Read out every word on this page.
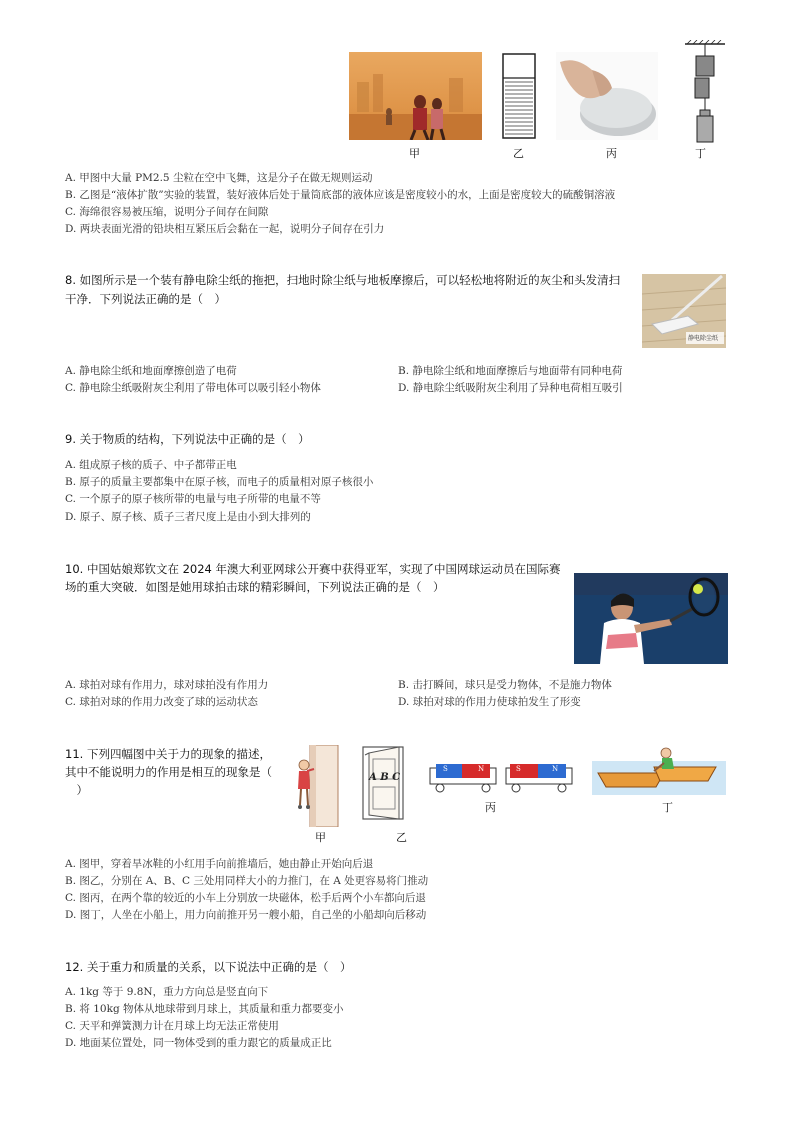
甲	乙	丙	丁
A. 甲图中大量 PM2.5 尘粒在空中飞舞，这是分子在做无规则运动
B. 乙图是“液体扩散”实验的装置，装好液体后处于量筒底部的液体应该是密度较小的水，上面是密度较大的硫酸铜溶液
C. 海绵很容易被压缩，说明分子间存在间隙
D. 两块表面光滑的铅块相互紧压后会黏在一起，说明分子间存在引力
8. 如图所示是一个装有静电除尘纸的拖把，扫地时除尘纸与地板摩擦后，可以轻松地将附近的灰尘和头发清扫
干净．下列说法正确的是（　）
静电除尘纸
A. 静电除尘纸和地面摩擦创造了电荷	B. 静电除尘纸和地面摩擦后与地面带有同种电荷
C. 静电除尘纸吸附灰尘利用了带电体可以吸引轻小物体	D. 静电除尘纸吸附灰尘利用了异种电荷相互吸引
9. 关于物质的结构，下列说法中正确的是（　）
A. 组成原子核的质子、中子都带正电
B. 原子的质量主要都集中在原子核，而电子的质量相对原子核很小
C. 一个原子的原子核所带的电量与电子所带的电量不等
D. 原子、原子核、质子三者尺度上是由小到大排列的
10. 中国姑娘郑钦文在 2024 年澳大利亚网球公开赛中获得亚军，实现了中国网球运动员在国际赛
场的重大突破．如图是她用球拍击球的精彩瞬间，下列说法正确的是（　）
A. 球拍对球有作用力，球对球拍没有作用力	B. 击打瞬间，球只是受力物体，不是施力物体
C. 球拍对球的作用力改变了球的运动状态	D. 球拍对球的作用力使球拍发生了形变
11. 下列四幅图中关于力的现象的描述，
其中不能说明力的作用是相互的现象是（
　）
A B C
S	N	S	N
甲	乙
丙	丁
A. 图甲，穿着旱冰鞋的小红用手向前推墙后，她由静止开始向后退
B. 图乙，分别在 A、B、C 三处用同样大小的力推门，在 A 处更容易将门推动
C. 图丙，在两个靠的较近的小车上分别放一块磁体，松手后两个小车都向后退
D. 图丁，人坐在小船上，用力向前推开另一艘小船，自己坐的小船却向后移动
12. 关于重力和质量的关系，以下说法中正确的是（　）
A. 1kg 等于 9.8N，重力方向总是竖直向下
B. 将 10kg 物体从地球带到月球上，其质量和重力都要变小
C. 天平和弹簧测力计在月球上均无法正常使用
D. 地面某位置处，同一物体受到的重力跟它的质量成正比
